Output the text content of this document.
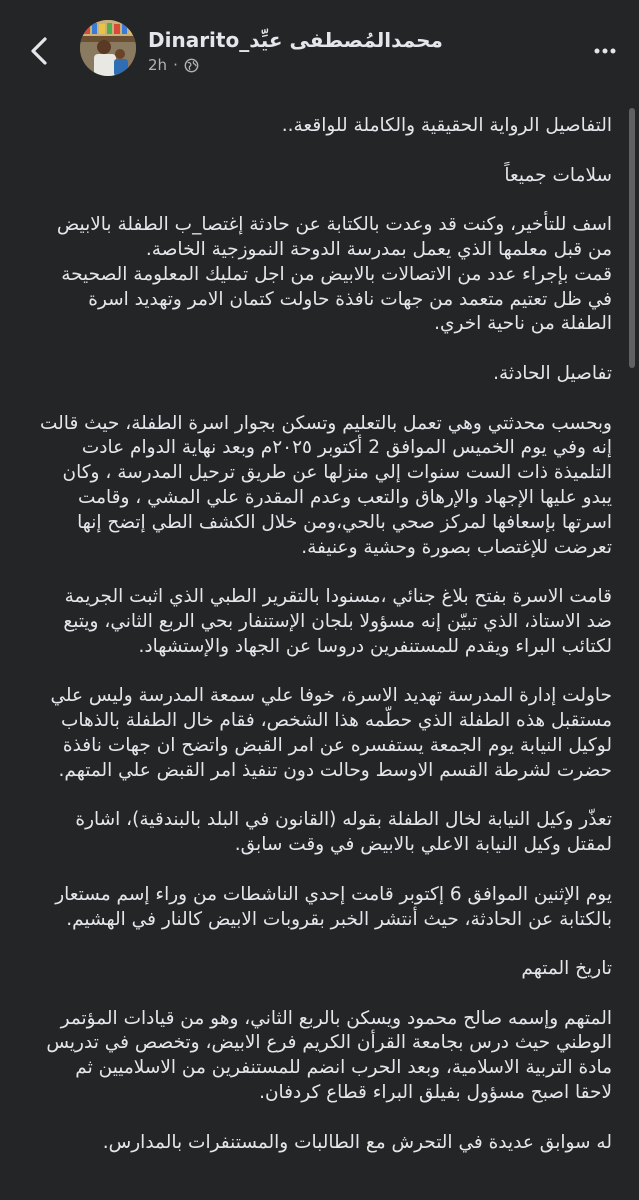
محمدالمُصطفى عيِّد_Dinarito
2h ·

التفاصيل الرواية الحقيقية والكاملة للواقعة..

سلامات جميعاً

اسف للتأخير، وكنت قد وعدت بالكتابة عن حادثة إغتصا_ب الطفلة بالابيض من قبل معلمها الذي يعمل بمدرسة الدوحة النموزجية الخاصة.
قمت بإجراء عدد من الاتصالات بالابيض من اجل تمليك المعلومة الصحيحة في ظل تعتيم متعمد من جهات نافذة حاولت كتمان الامر وتهديد اسرة الطفلة من ناحية اخري.

تفاصيل الحادثة.

وبحسب محدثتي وهي تعمل بالتعليم وتسكن بجوار اسرة الطفلة، حيث قالت إنه وفي يوم الخميس الموافق 2 أكتوبر ٢٠٢٥م وبعد نهاية الدوام عادت التلميذة ذات الست سنوات إلي منزلها عن طريق ترحيل المدرسة ، وكان يبدو عليها الإجهاد والإرهاق والتعب وعدم المقدرة علي المشي ، وقامت اسرتها بإسعافها لمركز صحي بالحي،ومن خلال الكشف الطي إتضح إنها تعرضت للإغتصاب بصورة وحشية وعنيفة.

قامت الاسرة بفتح بلاغ جنائي ،مسنودا بالتقرير الطبي الذي اثبت الجريمة ضد الاستاذ، الذي تبيّن إنه مسؤولا بلجان الإستنفار بحي الربع الثاني، ويتبع لكتائب البراء ويقدم للمستنفرين دروسا عن الجهاد والإستشهاد.

حاولت إدارة المدرسة تهديد الاسرة، خوفا علي سمعة المدرسة وليس علي مستقبل هذه الطفلة الذي حطّمه هذا الشخص، فقام خال الطفلة بالذهاب لوكيل النيابة يوم الجمعة يستفسره عن امر القبض واتضح ان جهات نافذة حضرت لشرطة القسم الاوسط وحالت دون تنفيذ امر القبض علي المتهم.

تعذّر وكيل النيابة لخال الطفلة بقوله (القانون في البلد بالبندقية)، اشارة لمقتل وكيل النيابة الاعلي بالابيض في وقت سابق.

يوم الإثنين الموافق 6 إكتوبر قامت إحدي الناشطات من وراء إسم مستعار بالكتابة عن الحادثة، حيث أنتشر الخبر بقروبات الابيض كالنار في الهشيم.

تاريخ المتهم

المتهم وإسمه صالح محمود ويسكن بالربع الثاني، وهو من قيادات المؤتمر الوطني حيث درس بجامعة القرأن الكريم فرع الابيض، وتخصص في تدريس مادة التربية الاسلامية، وبعد الحرب انضم للمستنفرين من الاسلاميين ثم لاحقا اصبح مسؤول بفيلق البراء قطاع كردفان.

له سوابق عديدة في التحرش مع الطالبات والمستنفرات بالمدارس.
